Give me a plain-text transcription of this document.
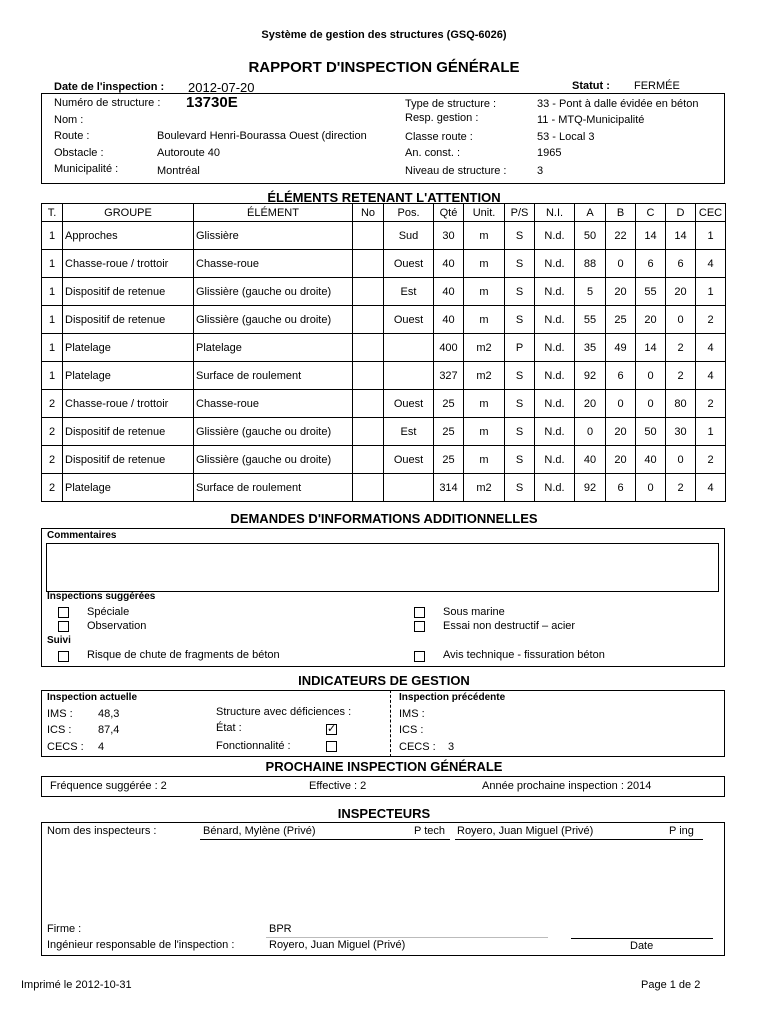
Système de gestion des structures (GSQ-6026)
RAPPORT D'INSPECTION GÉNÉRALE
Date de l'inspection : 2012-07-20	Statut : FERMÉE
Numéro de structure : 13730E
Nom :
Route :	Boulevard Henri-Bourassa Ouest (direction
Obstacle :	Autoroute 40
Municipalité :	Montréal
Type de structure :	33 - Pont à dalle évidée en béton
Resp. gestion :	11 - MTQ-Municipalité
Classe route :	53 - Local 3
An. const. :	1965
Niveau de structure :	3
ÉLÉMENTS RETENANT L'ATTENTION
T.	GROUPE	ÉLÉMENT	No	Pos.	Qté	Unit.	P/S	N.I.	A	B	C	D	CEC
1	Approches	Glissière		Sud	30	m	S	N.d.	50	22	14	14	1
1	Chasse-roue / trottoir	Chasse-roue		Ouest	40	m	S	N.d.	88	0	6	6	4
1	Dispositif de retenue	Glissière (gauche ou droite)		Est	40	m	S	N.d.	5	20	55	20	1
1	Dispositif de retenue	Glissière (gauche ou droite)		Ouest	40	m	S	N.d.	55	25	20	0	2
1	Platelage	Platelage			400	m2	P	N.d.	35	49	14	2	4
1	Platelage	Surface de roulement			327	m2	S	N.d.	92	6	0	2	4
2	Chasse-roue / trottoir	Chasse-roue		Ouest	25	m	S	N.d.	20	0	0	80	2
2	Dispositif de retenue	Glissière (gauche ou droite)		Est	25	m	S	N.d.	0	20	50	30	1
2	Dispositif de retenue	Glissière (gauche ou droite)		Ouest	25	m	S	N.d.	40	20	40	0	2
2	Platelage	Surface de roulement			314	m2	S	N.d.	92	6	0	2	4
DEMANDES D'INFORMATIONS ADDITIONNELLES
Commentaires
Inspections suggérées
Spéciale
Observation
Sous marine
Essai non destructif – acier
Suivi
Risque de chute de fragments de béton	Avis technique - fissuration béton
INDICATEURS DE GESTION
Inspection actuelle
IMS : 48,3
ICS : 87,4
CECS : 4
Structure avec déficiences :
État :	✓
Fonctionnalité :
Inspection précédente
IMS :
ICS :
CECS : 3
PROCHAINE INSPECTION GÉNÉRALE
Fréquence suggérée : 2	Effective : 2	Année prochaine inspection : 2014
INSPECTEURS
Nom des inspecteurs :	Bénard, Mylène (Privé)	P tech Royero, Juan Miguel (Privé)	P ing
Firme :	BPR
Ingénieur responsable de l'inspection :	Royero, Juan Miguel (Privé)	Date
Imprimé le 2012-10-31	Page 1 de 2
